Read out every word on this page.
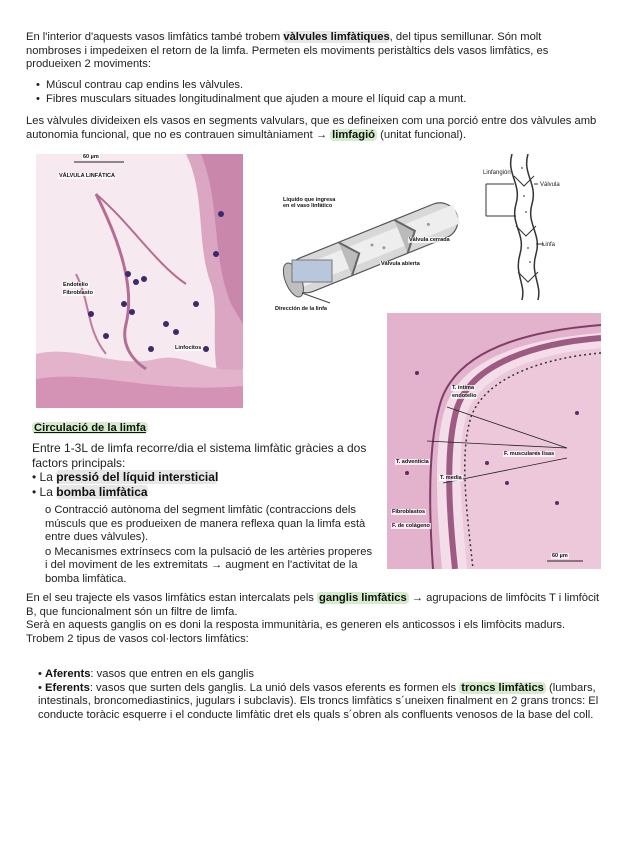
En l'interior d'aquests vasos limfàtics també trobem vàlvules limfàtiques, del tipus semillunar. Són molt nombroses i impedeixen el retorn de la limfa. Permeten els moviments peristàltics dels vasos limfàtics, es produeixen 2 moviments:
• Múscul contrau cap endins les vàlvules.
• Fibres musculars situades longitudinalment que ajuden a moure el líquid cap a munt.
Les vàlvules divideixen els vasos en segments valvulars, que es defineixen com una porció entre dos vàlvules amb autonomia funcional, que no es contrauen simultàniament → limfagió (unitat funcional).
60 µm
VÁLVULA LINFÁTICA
Endotelio
Fibroblasto
Linfocitos
Líquido que ingresa en el vaso linfático
Válvula cerrada
Válvula abierta
Dirección de la linfa
Linfangión
Válvula
Linfa
T. íntima
endotelio
T. adventicia
F. musculares lisas
T. media
Fibroblastos
F. de colágeno
60 µm
Circulació de la limfa
Entre 1-3L de limfa recorre/dia el sistema limfàtic gràcies a dos factors principals:
• La pressió del líquid intersticial
• La bomba limfàtica
o Contracció autònoma del segment limfàtic (contraccions dels músculs que es produeixen de manera reflexa quan la limfa està entre dues vàlvules).
o Mecanismes extrínsecs com la pulsació de les artèries properes i del moviment de les extremitats → augment en l'activitat de la bomba limfàtica.
En el seu trajecte els vasos limfàtics estan intercalats pels ganglis limfàtics → agrupacions de limfòcits T i limfòcit B, que funcionalment són un filtre de limfa.
Serà en aquests ganglis on es doni la resposta immunitària, es generen els anticossos i els limfòcits madurs.
Trobem 2 tipus de vasos col·lectors limfàtics:
• Aferents: vasos que entren en els ganglis
• Eferents: vasos que surten dels ganglis. La unió dels vasos eferents es formen els troncs limfàtics (lumbars, intestinals, broncomediastinics, jugulars i subclavis). Els troncs limfàtics s´uneixen finalment en 2 grans troncs: El conducte toràcic esquerre i el conducte limfàtic dret els quals s´obren als confluents venosos de la base del coll.
